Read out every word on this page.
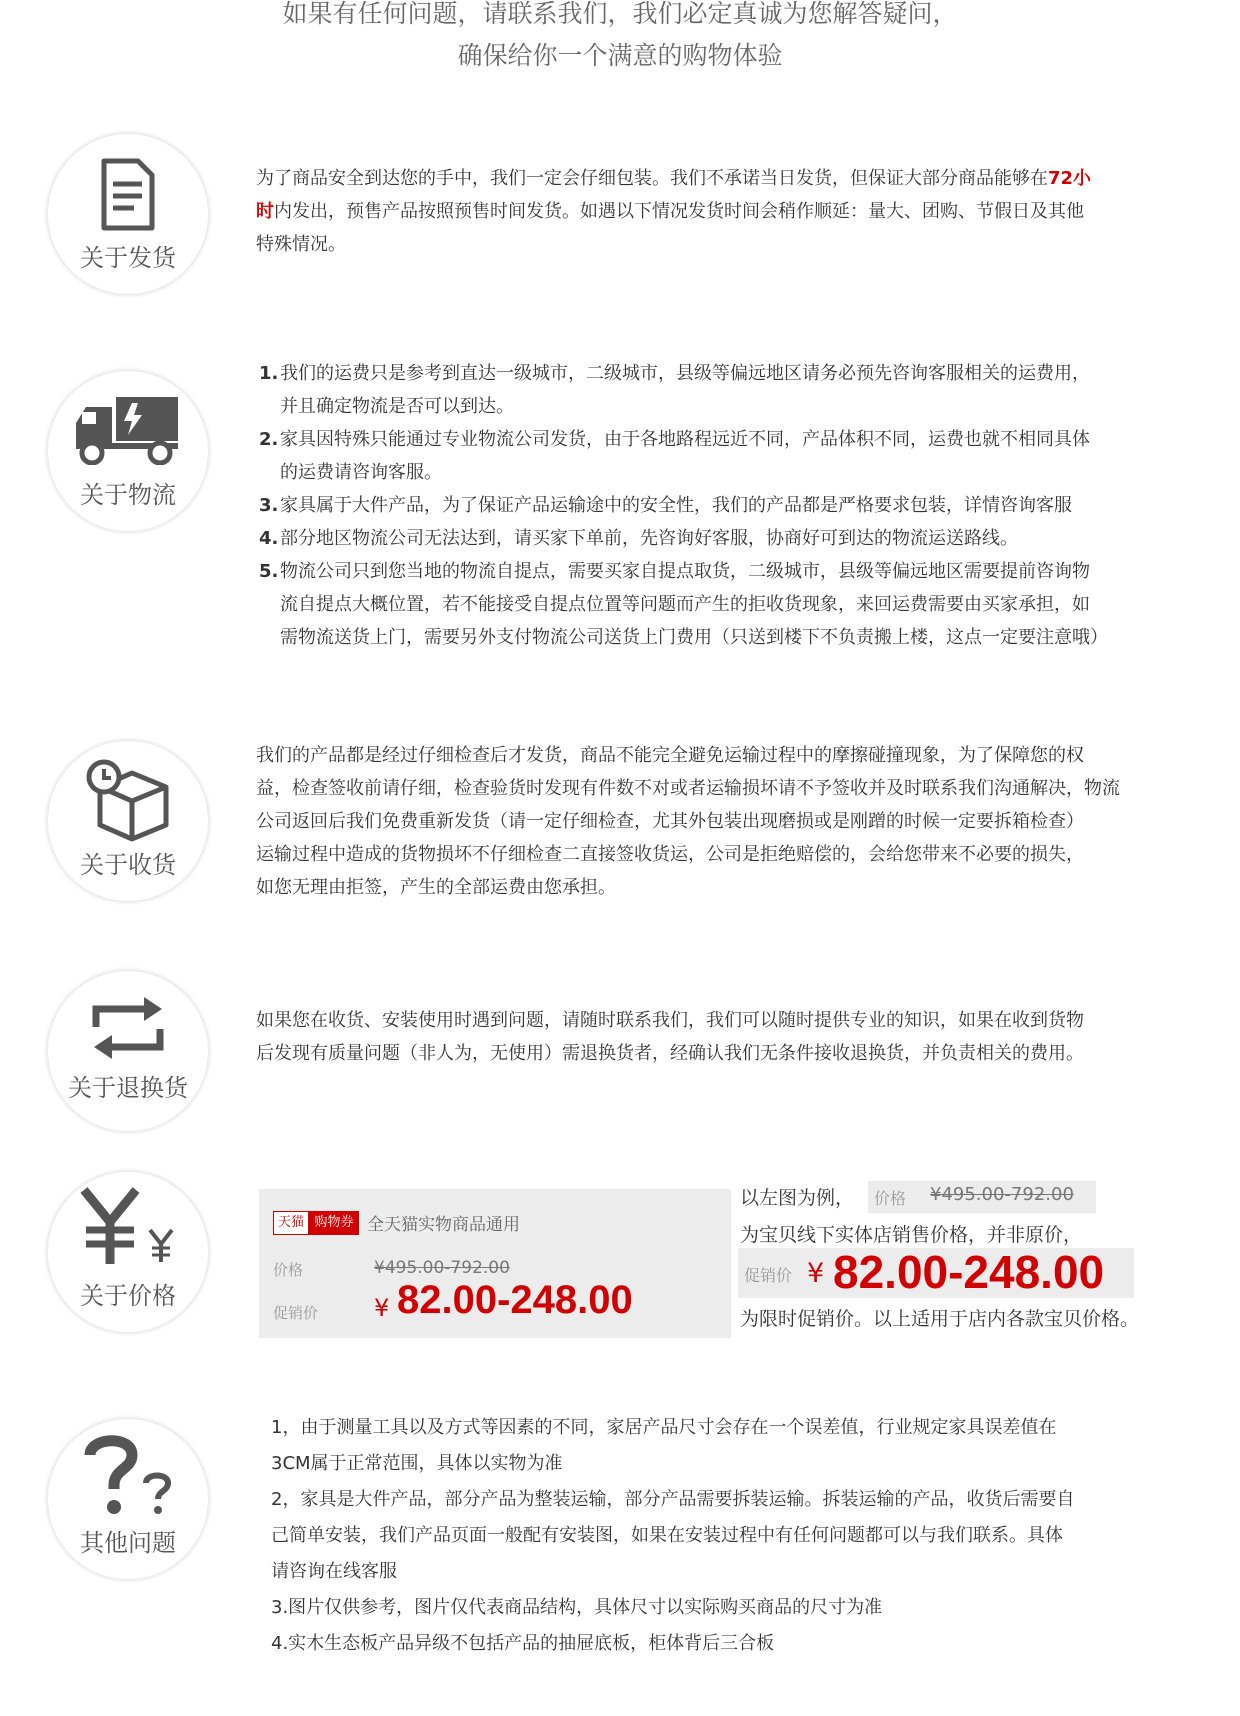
如果有任何问题，请联系我们，我们必定真诚为您解答疑问，
确保给你一个满意的购物体验
关于发货
为了商品安全到达您的手中，我们一定会仔细包装。我们不承诺当日发货，但保证大部分商品能够在72小
时内发出，预售产品按照预售时间发货。如遇以下情况发货时间会稍作顺延：量大、团购、节假日及其他
特殊情况。
关于物流
1. 我们的运费只是参考到直达一级城市，二级城市，县级等偏远地区请务必预先咨询客服相关的运费用，
并且确定物流是否可以到达。
2. 家具因特殊只能通过专业物流公司发货，由于各地路程远近不同，产品体积不同，运费也就不相同具体
的运费请咨询客服。
3. 家具属于大件产品，为了保证产品运输途中的安全性，我们的产品都是严格要求包装，详情咨询客服
4. 部分地区物流公司无法达到，请买家下单前，先咨询好客服，协商好可到达的物流运送路线。
5. 物流公司只到您当地的物流自提点，需要买家自提点取货，二级城市，县级等偏远地区需要提前咨询物
流自提点大概位置，若不能接受自提点位置等问题而产生的拒收货现象，来回运费需要由买家承担，如
需物流送货上门，需要另外支付物流公司送货上门费用（只送到楼下不负责搬上楼，这点一定要注意哦）
关于收货
我们的产品都是经过仔细检查后才发货，商品不能完全避免运输过程中的摩擦碰撞现象，为了保障您的权
益，检查签收前请仔细，检查验货时发现有件数不对或者运输损坏请不予签收并及时联系我们沟通解决，物流
公司返回后我们免费重新发货（请一定仔细检查，尤其外包装出现磨损或是刚蹭的时候一定要拆箱检查）
运输过程中造成的货物损坏不仔细检查二直接签收货运，公司是拒绝赔偿的，会给您带来不必要的损失，
如您无理由拒签，产生的全部运费由您承担。
关于退换货
如果您在收货、安装使用时遇到问题，请随时联系我们，我们可以随时提供专业的知识，如果在收到货物
后发现有质量问题（非人为，无使用）需退换货者，经确认我们无条件接收退换货，并负责相关的费用。
关于价格
天猫 购物券 全天猫实物商品通用
价格	¥495.00-792.00
促销价 ¥ 82.00-248.00
以左图为例， 价格 ¥495.00-792.00
为宝贝线下实体店销售价格，并非原价，
促销价 ¥ 82.00-248.00
为限时促销价。以上适用于店内各款宝贝价格。
其他问题
1，由于测量工具以及方式等因素的不同，家居产品尺寸会存在一个误差值，行业规定家具误差值在
3CM属于正常范围，具体以实物为准
2，家具是大件产品，部分产品为整装运输，部分产品需要拆装运输。拆装运输的产品，收货后需要自
己简单安装，我们产品页面一般配有安装图，如果在安装过程中有任何问题都可以与我们联系。具体
请咨询在线客服
3.图片仅供参考，图片仅代表商品结构，具体尺寸以实际购买商品的尺寸为准
4.实木生态板产品异级不包括产品的抽屉底板，柜体背后三合板
